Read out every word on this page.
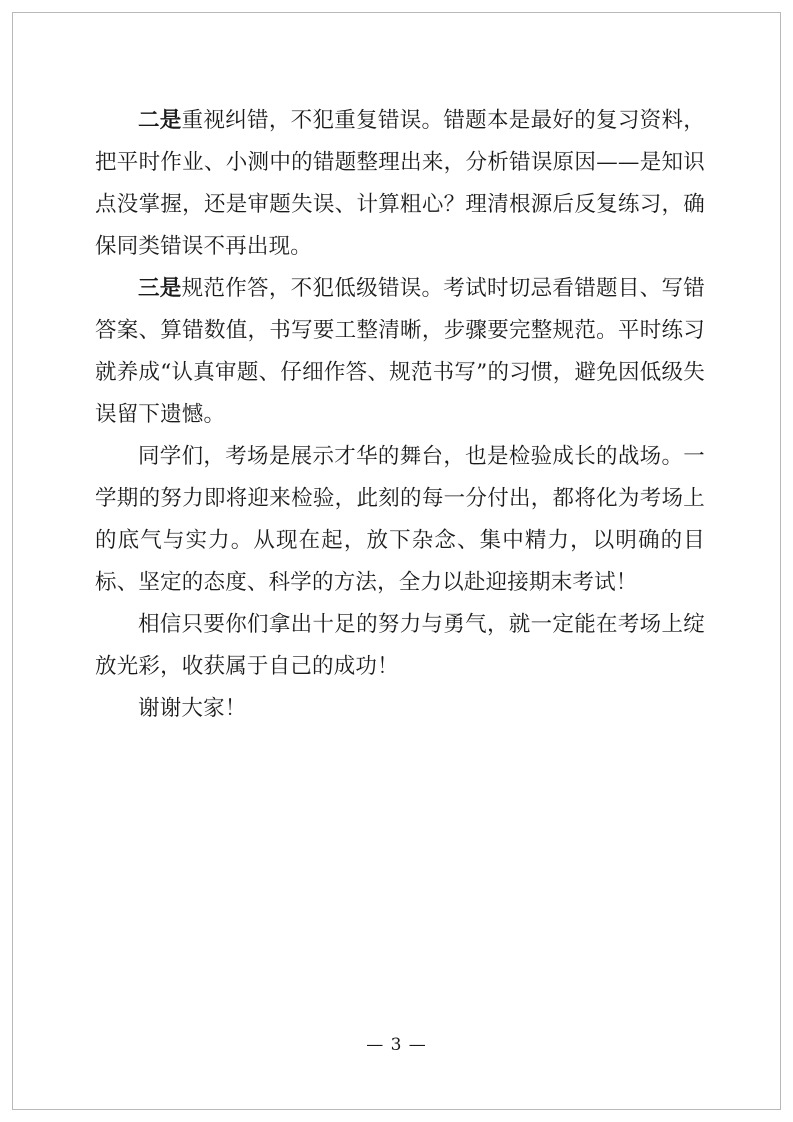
二是重视纠错，不犯重复错误。错题本是最好的复习资料，把平时作业、小测中的错题整理出来，分析错误原因——是知识点没掌握，还是审题失误、计算粗心？理清根源后反复练习，确保同类错误不再出现。

三是规范作答，不犯低级错误。考试时切忌看错题目、写错答案、算错数值，书写要工整清晰，步骤要完整规范。平时练习就养成“认真审题、仔细作答、规范书写”的习惯，避免因低级失误留下遗憾。

同学们，考场是展示才华的舞台，也是检验成长的战场。一学期的努力即将迎来检验，此刻的每一分付出，都将化为考场上的底气与实力。从现在起，放下杂念、集中精力，以明确的目标、坚定的态度、科学的方法，全力以赴迎接期末考试！

相信只要你们拿出十足的努力与勇气，就一定能在考场上绽放光彩，收获属于自己的成功！

谢谢大家！

— 3 —
